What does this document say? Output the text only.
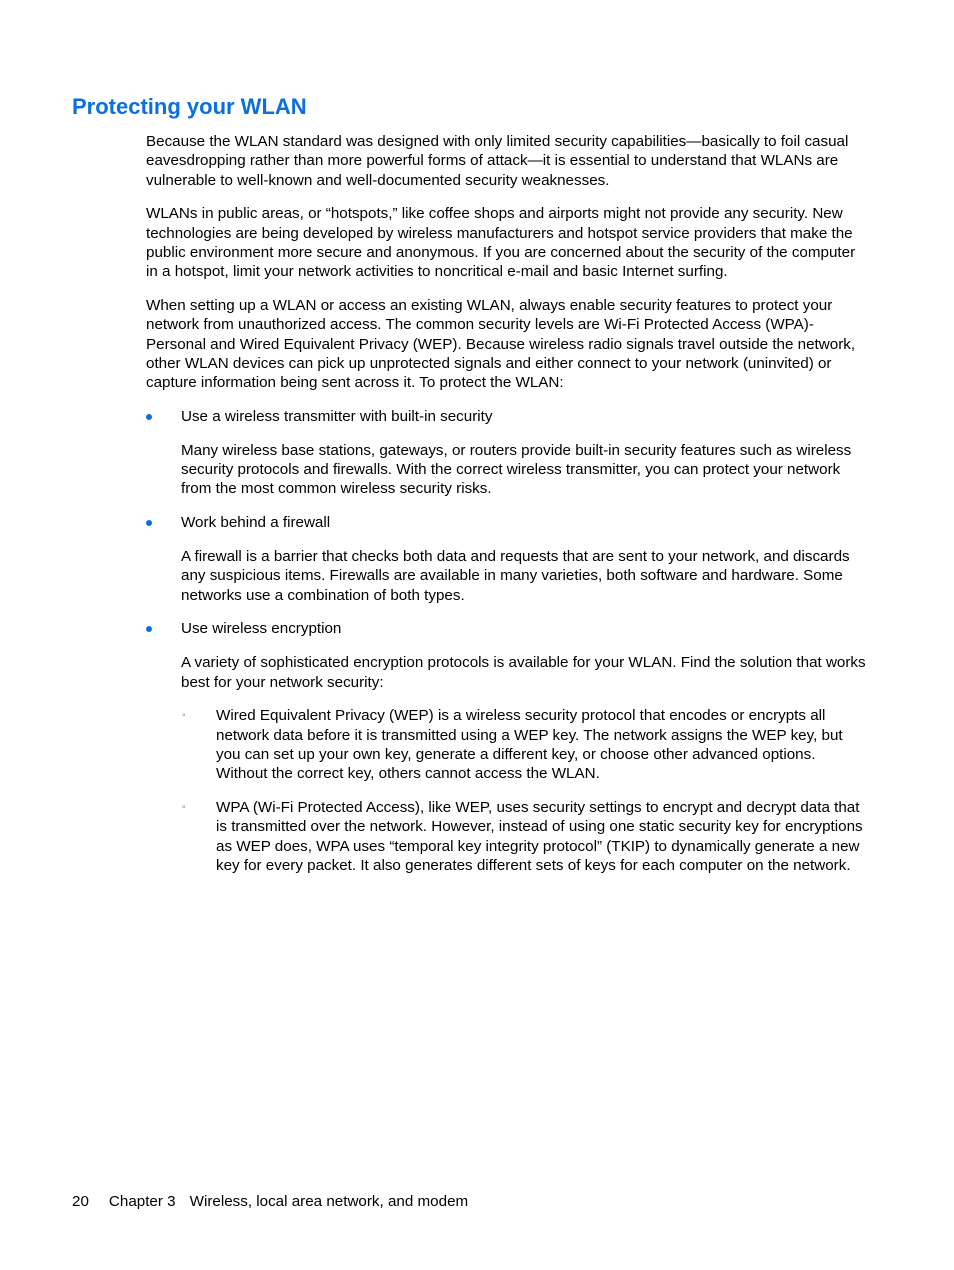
Protecting your WLAN

Because the WLAN standard was designed with only limited security capabilities—basically to foil casual eavesdropping rather than more powerful forms of attack—it is essential to understand that WLANs are vulnerable to well-known and well-documented security weaknesses.

WLANs in public areas, or “hotspots,” like coffee shops and airports might not provide any security. New technologies are being developed by wireless manufacturers and hotspot service providers that make the public environment more secure and anonymous. If you are concerned about the security of the computer in a hotspot, limit your network activities to noncritical e-mail and basic Internet surfing.

When setting up a WLAN or access an existing WLAN, always enable security features to protect your network from unauthorized access. The common security levels are Wi-Fi Protected Access (WPA)-Personal and Wired Equivalent Privacy (WEP). Because wireless radio signals travel outside the network, other WLAN devices can pick up unprotected signals and either connect to your network (uninvited) or capture information being sent across it. To protect the WLAN:

Use a wireless transmitter with built-in security
Many wireless base stations, gateways, or routers provide built-in security features such as wireless security protocols and firewalls. With the correct wireless transmitter, you can protect your network from the most common wireless security risks.
Work behind a firewall
A firewall is a barrier that checks both data and requests that are sent to your network, and discards any suspicious items. Firewalls are available in many varieties, both software and hardware. Some networks use a combination of both types.
Use wireless encryption
A variety of sophisticated encryption protocols is available for your WLAN. Find the solution that works best for your network security:
◦ Wired Equivalent Privacy (WEP) is a wireless security protocol that encodes or encrypts all network data before it is transmitted using a WEP key. The network assigns the WEP key, but you can set up your own key, generate a different key, or choose other advanced options. Without the correct key, others cannot access the WLAN.
◦ WPA (Wi-Fi Protected Access), like WEP, uses security settings to encrypt and decrypt data that is transmitted over the network. However, instead of using one static security key for encryptions as WEP does, WPA uses “temporal key integrity protocol” (TKIP) to dynamically generate a new key for every packet. It also generates different sets of keys for each computer on the network.
20 Chapter 3 Wireless, local area network, and modem
